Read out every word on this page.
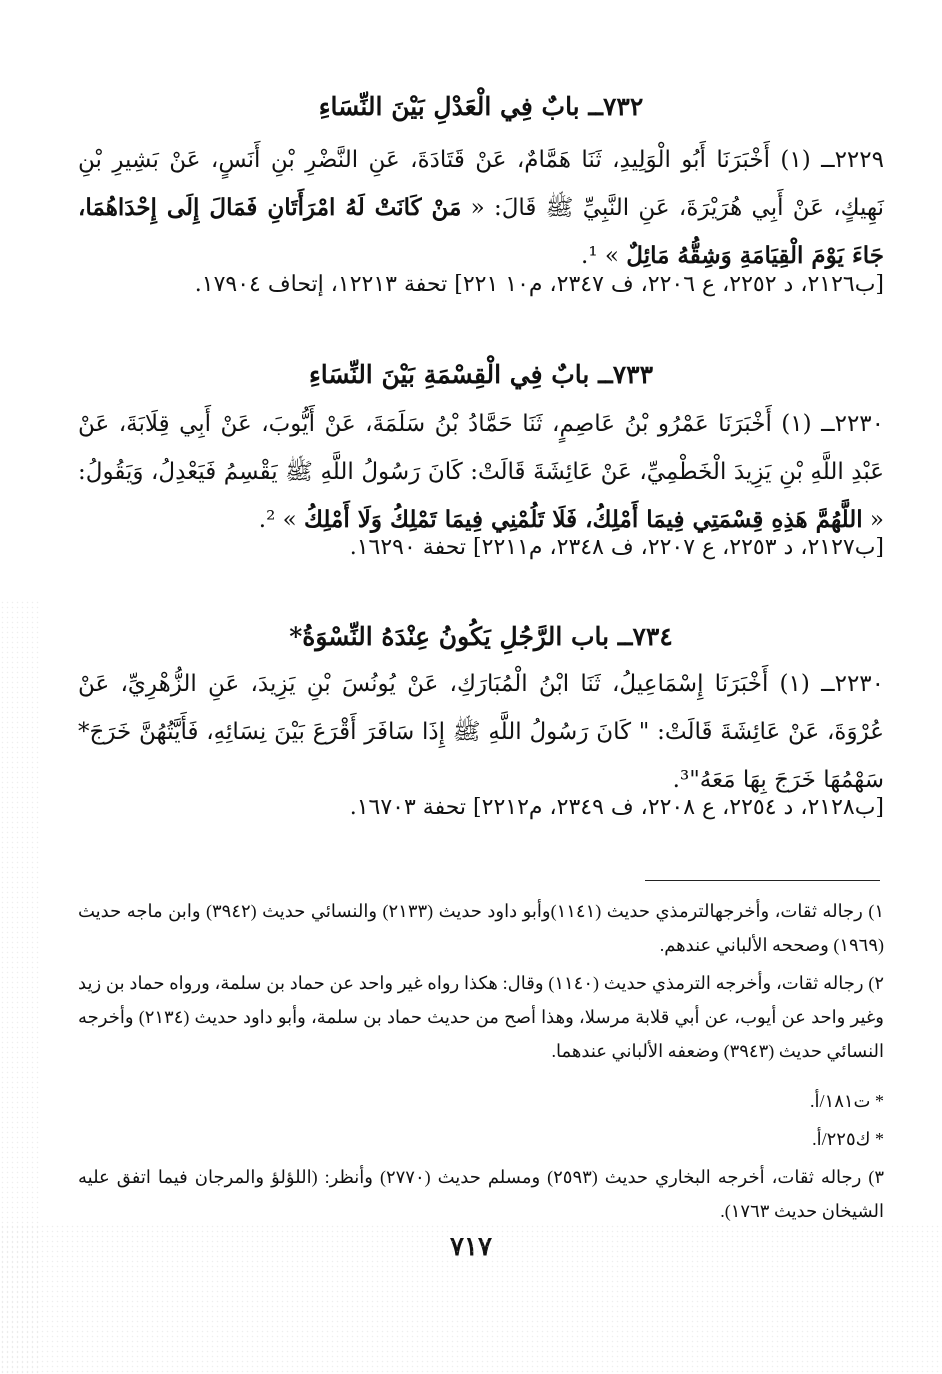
٧٣٢ــ بابٌ فِي الْعَدْلِ بَيْنَ النِّسَاءِ
٢٢٢٩ــ (١) أَخْبَرَنَا أَبُو الْوَلِيدِ، ثَنَا هَمَّامٌ، عَنْ قَتَادَةَ، عَنِ النَّضْرِ بْنِ أَنَسٍ، عَنْ بَشِيرِ بْنِ نَهِيكٍ، عَنْ أَبِي هُرَيْرَةَ، عَنِ النَّبِيِّ ﷺ قَالَ: « مَنْ كَانَتْ لَهُ امْرَأَتَانِ فَمَالَ إِلَى إِحْدَاهُمَا، جَاءَ يَوْمَ الْقِيَامَةِ وَشِقُّهُ مَائِلٌ » ¹.
[ب٢١٢٦، د ٢٢٥٢، ع ٢٢٠٦، ف ٢٣٤٧، م١٠ ٢٢١] تحفة ١٢٢١٣، إتحاف ١٧٩٠٤.
٧٣٣ــ بابٌ فِي الْقِسْمَةِ بَيْنَ النِّسَاءِ
٢٢٣٠ــ (١) أَخْبَرَنَا عَمْرُو بْنُ عَاصِمٍ، ثَنَا حَمَّادُ بْنُ سَلَمَةَ، عَنْ أَيُّوبَ، عَنْ أَبِي قِلَابَةَ، عَنْ عَبْدِ اللَّهِ بْنِ يَزِيدَ الْخَطْمِيِّ، عَنْ عَائِشَةَ قَالَتْ: كَانَ رَسُولُ اللَّهِ ﷺ يَقْسِمُ فَيَعْدِلُ، وَيَقُولُ: « اللَّهُمَّ هَذِهِ قِسْمَتِي فِيمَا أَمْلِكُ، فَلَا تَلُمْنِي فِيمَا تَمْلِكُ وَلَا أَمْلِكُ » ².
[ب٢١٢٧، د ٢٢٥٣، ع ٢٢٠٧، ف ٢٣٤٨، م٢٢١١] تحفة ١٦٢٩٠.
٧٣٤ــ باب الرَّجُلِ يَكُونُ عِنْدَهُ النِّسْوَةُ*
٢٢٣٠ــ (١) أَخْبَرَنَا إِسْمَاعِيلُ، ثَنَا ابْنُ الْمُبَارَكِ، عَنْ يُونُسَ بْنِ يَزِيدَ، عَنِ الزُّهْرِيِّ، عَنْ عُرْوَةَ، عَنْ عَائِشَةَ قَالَتْ: " كَانَ رَسُولُ اللَّهِ ﷺ إِذَا سَافَرَ أَقْرَعَ بَيْنَ نِسَائِهِ، فَأَيَّتُهُنَّ خَرَجَ* سَهْمُهَا خَرَجَ بِهَا مَعَهُ"³.
[ب٢١٢٨، د ٢٢٥٤، ع ٢٢٠٨، ف ٢٣٤٩، م٢٢١٢] تحفة ١٦٧٠٣.
١) رجاله ثقات، وأخرجهالترمذي حديث (١١٤١)وأبو داود حديث (٢١٣٣) والنسائي حديث (٣٩٤٢) وابن ماجه حديث (١٩٦٩) وصححه الألباني عندهم.
٢) رجاله ثقات، وأخرجه الترمذي حديث (١١٤٠) وقال: هكذا رواه غير واحد عن حماد بن سلمة، ورواه حماد بن زيد وغير واحد عن أيوب، عن أبي قلابة مرسلا، وهذا أصح من حديث حماد بن سلمة، وأبو داود حديث (٢١٣٤) وأخرجه النسائي حديث (٣٩٤٣) وضعفه الألباني عندهما.
* ت١٨١/أ.
* ك٢٢٥/أ.
٣) رجاله ثقات، أخرجه البخاري حديث (٢٥٩٣) ومسلم حديث (٢٧٧٠) وأنظر: (اللؤلؤ والمرجان فيما اتفق عليه الشيخان حديث ١٧٦٣).
٧١٧
